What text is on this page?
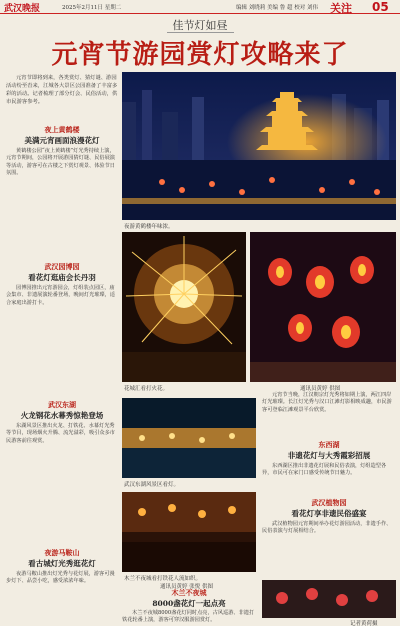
武汉晚报	2025年2月11日 星期二	编辑 刘晓莉 美编 鲁 超 校对 刘伟 关注 05
佳节灯如昼
元宵节游园赏灯攻略来了
元宵节即将到来，各类赏灯、猜灯谜、游园活动纷至沓来，江城各大景区公园准备了丰富多彩的活动。记者梳理了部分灯会、民俗活动，供市民游客参考。
夜上黄鹤楼
美满元宵画面浪漫花灯
黄鹤楼公园“夜上黄鹤楼”灯光秀持续上演，元宵节期间，公园将开展游园猜灯谜、民俗展演等活动，游客可在古楼之下赏灯观景、体验节日氛围。
武汉园博园
看花灯逛庙会长丹羽
园博园推出元宵游园会，灯组装点园区，庙会集市、非遗展演轮番登场，晚间灯光璀璨，适合家庭出游打卡。
武汉东湖
火龙钢花水幕秀惊艳登场
东湖风景区推出火龙、打铁花、水幕灯光秀等节目，现场烟火升腾、流光溢彩，吸引众多市民游客前往观赏。
夜游马鞍山
看古城灯光秀逛花灯
夜游马鞍山推出灯光秀与花灯展，游客可漫步灯下、品尝小吃，感受浓浓年味。
夜游黄鹤楼年味浓。
花城汇看打火花。	通讯员黄婷 供图
元宵节当晚，江汉朝宗灯光秀将如期上演，两江四岸灯光璀璨。长江灯光秀与汉口江滩灯影相映成趣，市民游客可登临江滩观景平台欣赏。
东西湖
非遗花灯与大秀霞彩招展
东西湖区推出非遗花灯展和民俗表演，灯组造型各异，市民可在家门口感受传统节日魅力。
武汉东湖风景区看灯。
木兰不夜城看打铁花人流如织。
通讯员黄婷 张悦 供图
木兰不夜城
8000盏花灯一起点亮
木兰不夜城8000盏花灯同时点亮，古风巡游、非遗打铁花轮番上演，游客可穿汉服游园赏灯。
武汉植物园
看花灯享非遗民俗盛宴
武汉植物园元宵期间举办花灯游园活动，非遗手作、民俗表演与灯展相结合。
记者黄荷摄
